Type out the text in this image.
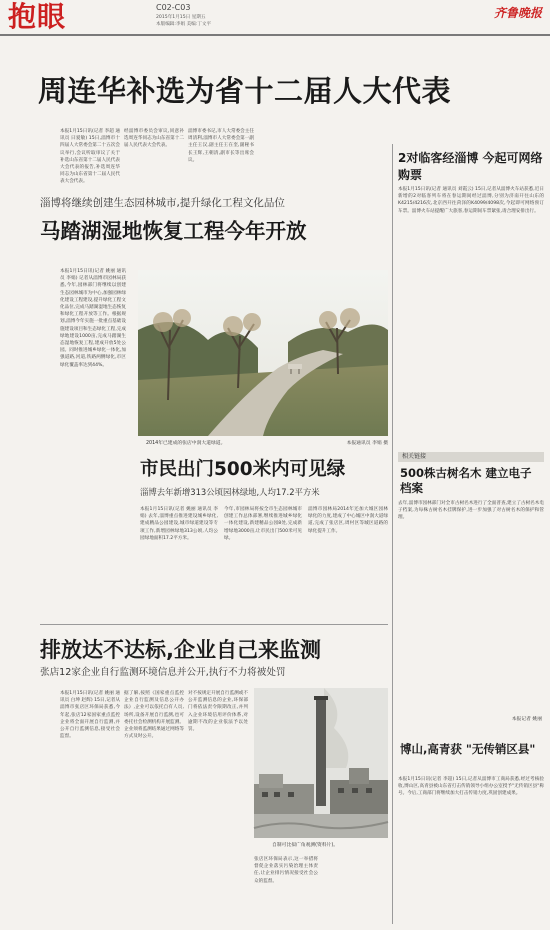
抱眼	C02-C03
2015年1月15日 星期五
本版编辑:李娟 美编:丁文平
齐鲁晚报
周连华补选为省十二届人大代表
本报1月15日讯(记者 李超 通讯员 曰爱敏) 15日,淄博市十四届人大常委会第二十五次会议举行,会议听取审议了关于补选山东省第十二届人民代表大会代表的报告,补选周连华同志为山东省第十二届人民代表大会代表。
经淄博市委员会审议,同意补选周连华同志为山东省第十二届人民代表大会代表。
淄博市委书记,市人大常委会主任周清利,淄博市人大常委会第一副主任王汉,副主任王在奎,副秘书长王辉,王朝清,副市长等出席会议。	2对临客经淄博 今起可网络购票
本报1月15日讯(记者 通讯员 刘霞云) 15日,记者从淄博火车站获悉,近日新增的2对临客列车将在春运期间经过淄博,分别为济南开往山东的K4215/4216次,北京西开往菏泽的K4099/4098次,今起即可网络预订车票。淄博火车站提醒广大旅客,春运期间车票紧张,请合理安排出行。
淄博将继续创建生态园林城市,提升绿化工程文化品位
马踏湖湿地恢复工程今年开放
本报1月15日讯(记者 姚丽 通讯员 李娟) 记者从淄博市园林局获悉,今年,园林部门将继续以创建生态园林城市为中心,加强园林绿化建设工程建设,提升绿化工程文化品位,完成马踏湖湿地生态恢复和绿化工程开放等工作。根据规划,淄博今年实施一批重点基础设施建设项目和生态绿化工程,完成绿地建设1000亩,完成马踏湖生态湿地恢复工程,建成开放5处公园。同时推进城乡绿化一体化,加强道路,河道,铁路两侧绿化,市区绿化覆盖率达到44%。
2014年已建成的张店中润大道绿道。	本报通讯员 李娟 摄
市民出门500米内可见绿
淄博去年新增313公顷园林绿地,人均17.2平方米
本报1月15日讯(记者 姚丽 通讯员 李娟) 去年,淄博重点推进建设城乡绿化,建成精品公园建设,城市绿道建设等专项工作,新增园林绿地313公顷,人均公园绿地面积17.2平方米。
今年,市园林局将按全市生态园林城市创建工作总体部署,继续推进城乡绿化一体化建设,新建精品公园8处,完成新增绿地3000亩,让市民出门500米可见绿。
淄博市园林局2014年还加大城区园林绿化的力度,建成了中心城区中润大道绿道,完成了张店区,周村区等城区道路的绿化提升工作。
相关链接
500株古树名木 建立电子档案
去年,淄博市园林部门对全市古树名木进行了全面普查,建立了古树名木电子档案,为每株古树名木挂牌保护,进一步加强了对古树名木的保护和管理。
本报记者 姚丽
博山,高青获 "无传销区县"
本报1月15日讯(记者 李超) 15日,记者从淄博市工商局获悉,经过考核验收,博山区,高青县被山东省打击传销领导小组办公室授予"无传销区县"称号。今后,工商部门将继续加大打击传销力度,巩固创建成果。
排放达不达标,企业自己来监测
张店12家企业自行监测环境信息并公开,执行不力将被处罚
本报1月15日讯(记者 姚丽 通讯员 白坤 赵辉) 15日,记者从淄博市张店区环保局获悉,今年起,张店12家国家重点监控企业将全面开展自行监测,并公开自行监测信息,接受社会监督。
据了解,按照《国家重点监控企业自行监测及信息公开办法》,企业可以依托自有人员,场所,设备开展自行监测,也可委托社会检测机构开展监测。企业须将监测结果通过网络等方式及时公开。
对不按规定开展自行监测或不公开监测信息的企业,环保部门将依法责令限期改正,并列入企业环境信用评价体系,对逾期不改的企业依法予以处罚。
自制可比拟广角观测(资料片)。
张店区环保局表示,这一举措将督促企业落实污染治理主体责任,让企业排污情况接受社会公众的监督。
